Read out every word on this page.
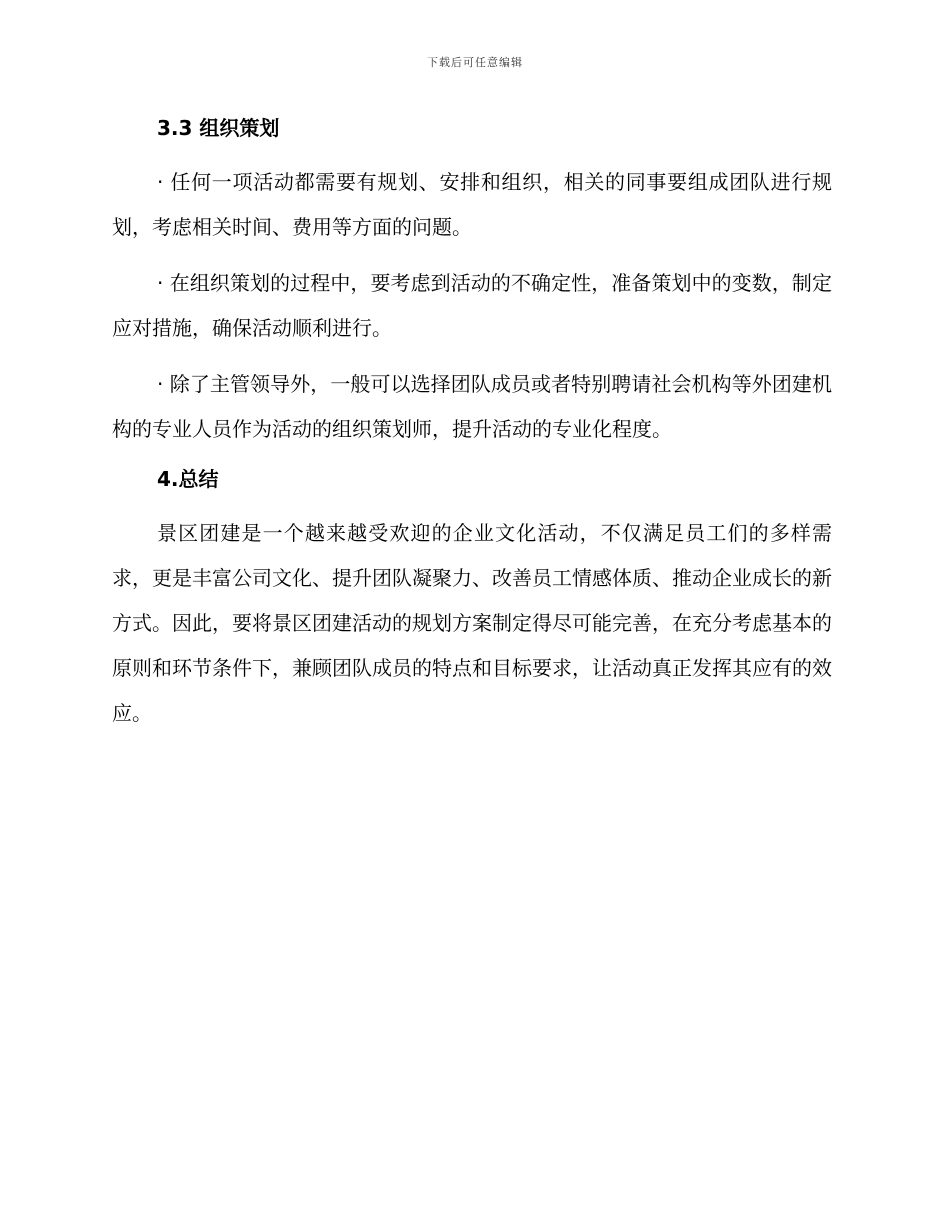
下载后可任意编辑
3.3 组织策划

· 任何一项活动都需要有规划、安排和组织，相关的同事要组成团队进行规划，考虑相关时间、费用等方面的问题。

· 在组织策划的过程中，要考虑到活动的不确定性，准备策划中的变数，制定应对措施，确保活动顺利进行。

· 除了主管领导外，一般可以选择团队成员或者特别聘请社会机构等外团建机构的专业人员作为活动的组织策划师，提升活动的专业化程度。

4.总结

景区团建是一个越来越受欢迎的企业文化活动，不仅满足员工们的多样需求，更是丰富公司文化、提升团队凝聚力、改善员工情感体质、推动企业成长的新方式。因此，要将景区团建活动的规划方案制定得尽可能完善，在充分考虑基本的原则和环节条件下，兼顾团队成员的特点和目标要求，让活动真正发挥其应有的效应。
